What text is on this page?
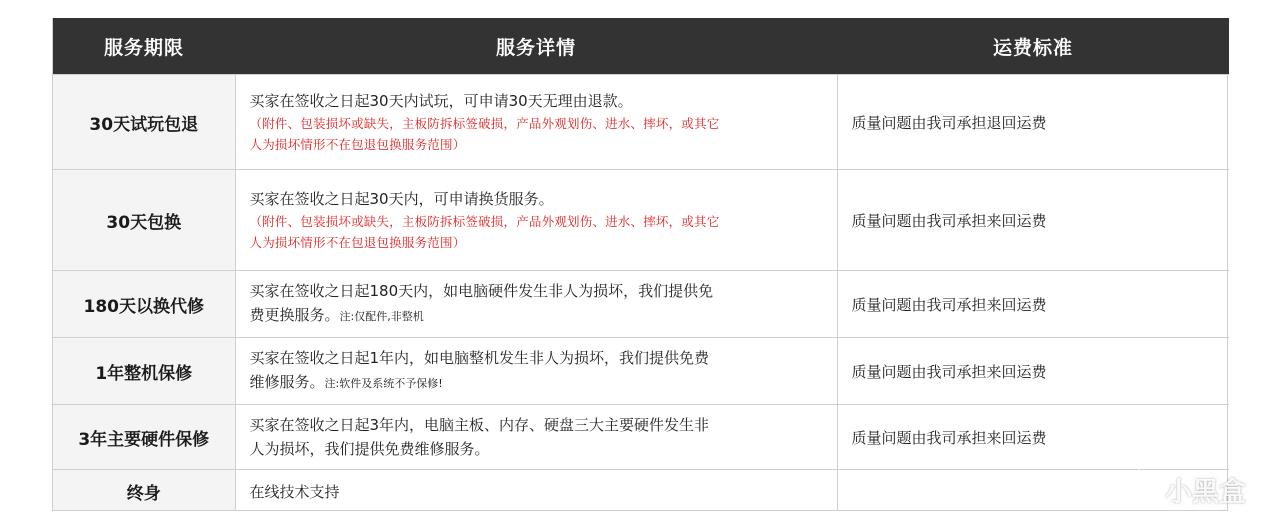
服务期限	服务详情	运费标准
30天试玩包退	买家在签收之日起30天内试玩，可申请30天无理由退款。
（附件、包装损坏或缺失，主板防拆标签破损，产品外观划伤、进水、摔坏，或其它
人为损坏情形不在包退包换服务范围）	质量问题由我司承担退回运费
30天包换	买家在签收之日起30天内，可申请换货服务。
（附件、包装损坏或缺失，主板防拆标签破损，产品外观划伤、进水、摔坏，或其它
人为损坏情形不在包退包换服务范围）	质量问题由我司承担来回运费
180天以换代修	买家在签收之日起180天内，如电脑硬件发生非人为损坏，我们提供免
费更换服务。注:仅配件,非整机	质量问题由我司承担来回运费
1年整机保修	买家在签收之日起1年内，如电脑整机发生非人为损坏，我们提供免费
维修服务。注:软件及系统不予保修!	质量问题由我司承担来回运费
3年主要硬件保修	买家在签收之日起3年内，电脑主板、内存、硬盘三大主要硬件发生非
人为损坏，我们提供免费维修服务。	质量问题由我司承担来回运费
终身	在线技术支持	
		小黑盒
